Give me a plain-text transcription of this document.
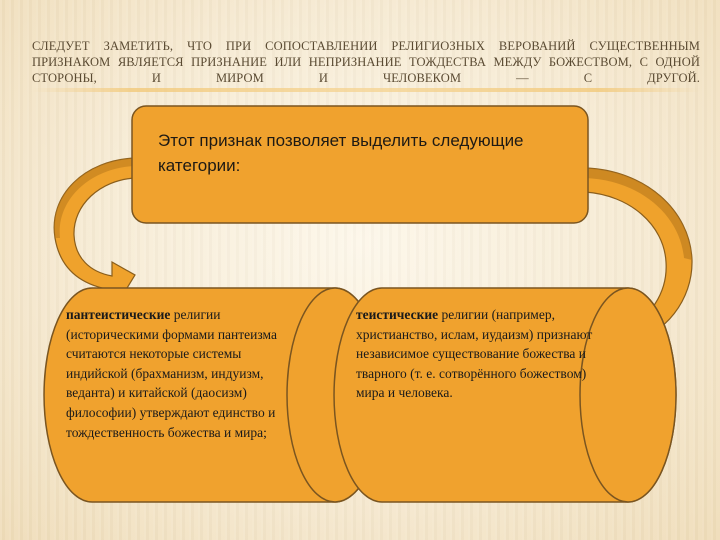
СЛЕДУЕТ ЗАМЕТИТЬ, ЧТО ПРИ СОПОСТАВЛЕНИИ РЕЛИГИОЗНЫХ ВЕРОВАНИЙ СУЩЕСТВЕННЫМ ПРИЗНАКОМ ЯВЛЯЕТСЯ ПРИЗНАНИЕ ИЛИ НЕПРИЗНАНИЕ ТОЖДЕСТВА МЕЖДУ БОЖЕСТВОМ, С ОДНОЙ СТОРОНЫ, И МИРОМ И ЧЕЛОВЕКОМ — С ДРУГОЙ.
Этот признак позволяет выделить следующие категории:
пантеистические религии (историческими формами пантеизма считаются некоторые системы индийской (брахманизм, индуизм, веданта) и китайской (даосизм) философии) утверждают единство и тождественность божества и мира;
теистические религии (например, христианство, ислам, иудаизм) признают независимое существование божества и тварного (т. е. сотворённого божеством) мира и человека.
